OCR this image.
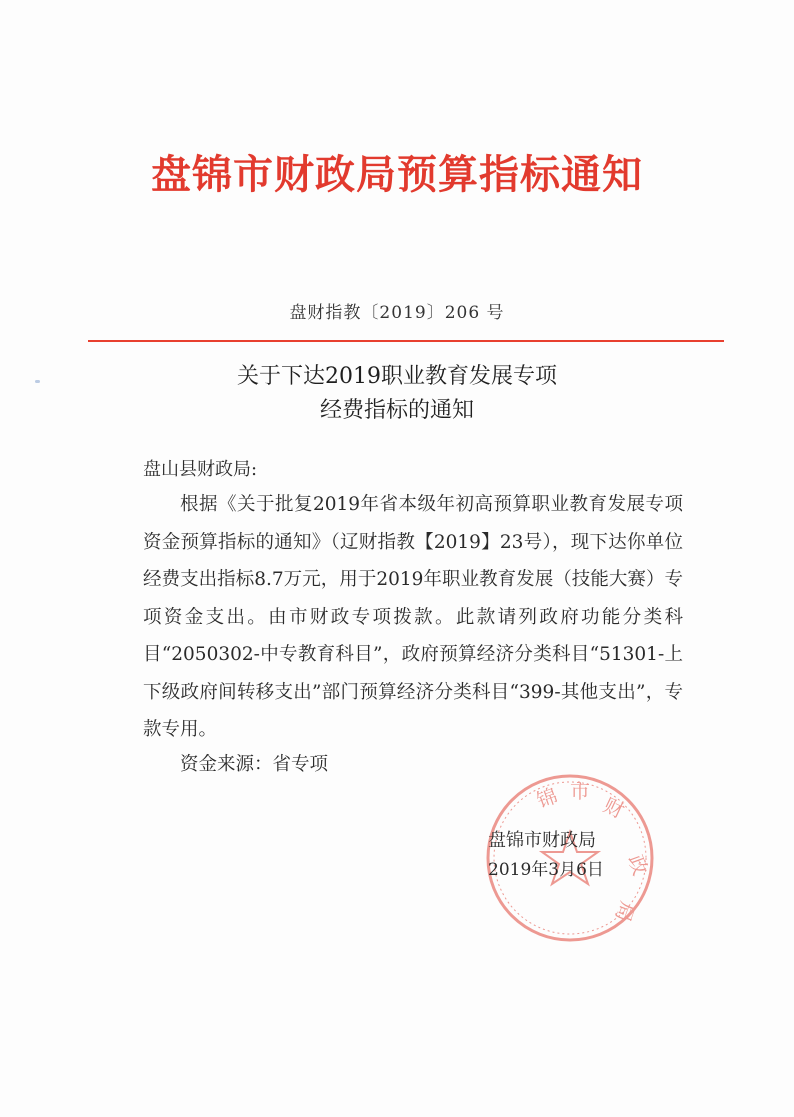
盘锦市财政局预算指标通知
盘财指教〔2019〕206 号
关于下达2019职业教育发展专项
经费指标的通知
盘山县财政局:
根据《关于批复2019年省本级年初高预算职业教育发展专项资金预算指标的通知》（辽财指教【2019】23号），现下达你单位经费支出指标8.7万元，用于2019年职业教育发展（技能大赛）专项资金支出。由市财政专项拨款。此款请列政府功能分类科目“2050302-中专教育科目”，政府预算经济分类科目“51301-上下级政府间转移支出”部门预算经济分类科目“399-其他支出”，专款专用。
资金来源：省专项
锦 市
财
政
局
盘锦市财政局
2019年3月6日
